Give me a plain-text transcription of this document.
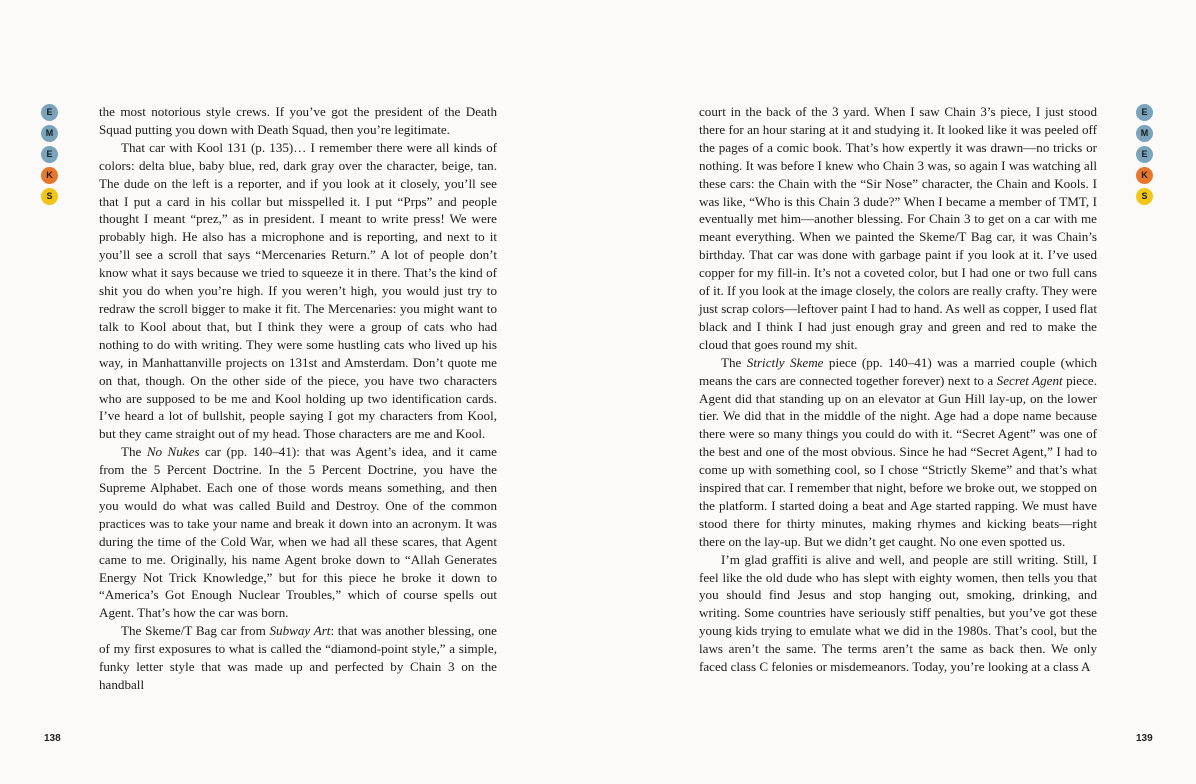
E
M
E
K
S

the most notorious style crews. If you’ve got the president of the Death Squad putting you down with Death Squad, then you’re legitimate.

That car with Kool 131 (p. 135)… I remember there were all kinds of colors: delta blue, baby blue, red, dark gray over the character, beige, tan. The dude on the left is a reporter, and if you look at it closely, you’ll see that I put a card in his collar but misspelled it. I put “Prps” and people thought I meant “prez,” as in president. I meant to write press! We were probably high. He also has a microphone and is reporting, and next to it you’ll see a scroll that says “Mercenaries Return.” A lot of people don’t know what it says because we tried to squeeze it in there. That’s the kind of shit you do when you’re high. If you weren’t high, you would just try to redraw the scroll bigger to make it fit. The Mercenaries: you might want to talk to Kool about that, but I think they were a group of cats who had nothing to do with writing. They were some hustling cats who lived up his way, in Manhattanville projects on 131st and Amsterdam. Don’t quote me on that, though. On the other side of the piece, you have two characters who are supposed to be me and Kool holding up two identification cards. I’ve heard a lot of bullshit, people saying I got my characters from Kool, but they came straight out of my head. Those characters are me and Kool.

The No Nukes car (pp. 140–41): that was Agent’s idea, and it came from the 5 Percent Doctrine. In the 5 Percent Doctrine, you have the Supreme Alphabet. Each one of those words means something, and then you would do what was called Build and Destroy. One of the common practices was to take your name and break it down into an acronym. It was during the time of the Cold War, when we had all these scares, that Agent came to me. Originally, his name Agent broke down to “Allah Generates Energy Not Trick Knowledge,” but for this piece he broke it down to “America’s Got Enough Nuclear Troubles,” which of course spells out Agent. That’s how the car was born.

The Skeme/T Bag car from Subway Art: that was another blessing, one of my first exposures to what is called the “diamond-point style,” a simple, funky letter style that was made up and perfected by Chain 3 on the handball

138
E
M
E
K
S

court in the back of the 3 yard. When I saw Chain 3’s piece, I just stood there for an hour staring at it and studying it. It looked like it was peeled off the pages of a comic book. That’s how expertly it was drawn—no tricks or nothing. It was before I knew who Chain 3 was, so again I was watching all these cars: the Chain with the “Sir Nose” character, the Chain and Kools. I was like, “Who is this Chain 3 dude?” When I became a member of TMT, I eventually met him—another blessing. For Chain 3 to get on a car with me meant everything. When we painted the Skeme/T Bag car, it was Chain’s birthday. That car was done with garbage paint if you look at it. I’ve used copper for my fill-in. It’s not a coveted color, but I had one or two full cans of it. If you look at the image closely, the colors are really crafty. They were just scrap colors—leftover paint I had to hand. As well as copper, I used flat black and I think I had just enough gray and green and red to make the cloud that goes round my shit.

The Strictly Skeme piece (pp. 140–41) was a married couple (which means the cars are connected together forever) next to a Secret Agent piece. Agent did that standing up on an elevator at Gun Hill lay-up, on the lower tier. We did that in the middle of the night. Age had a dope name because there were so many things you could do with it. “Secret Agent” was one of the best and one of the most obvious. Since he had “Secret Agent,” I had to come up with something cool, so I chose “Strictly Skeme” and that’s what inspired that car. I remember that night, before we broke out, we stopped on the platform. I started doing a beat and Age started rapping. We must have stood there for thirty minutes, making rhymes and kicking beats—right there on the lay-up. But we didn’t get caught. No one even spotted us.

I’m glad graffiti is alive and well, and people are still writing. Still, I feel like the old dude who has slept with eighty women, then tells you that you should find Jesus and stop hanging out, smoking, drinking, and writing. Some countries have seriously stiff penalties, but you’ve got these young kids trying to emulate what we did in the 1980s. That’s cool, but the laws aren’t the same. The terms aren’t the same as back then. We only faced class C felonies or misdemeanors. Today, you’re looking at a class A

139
